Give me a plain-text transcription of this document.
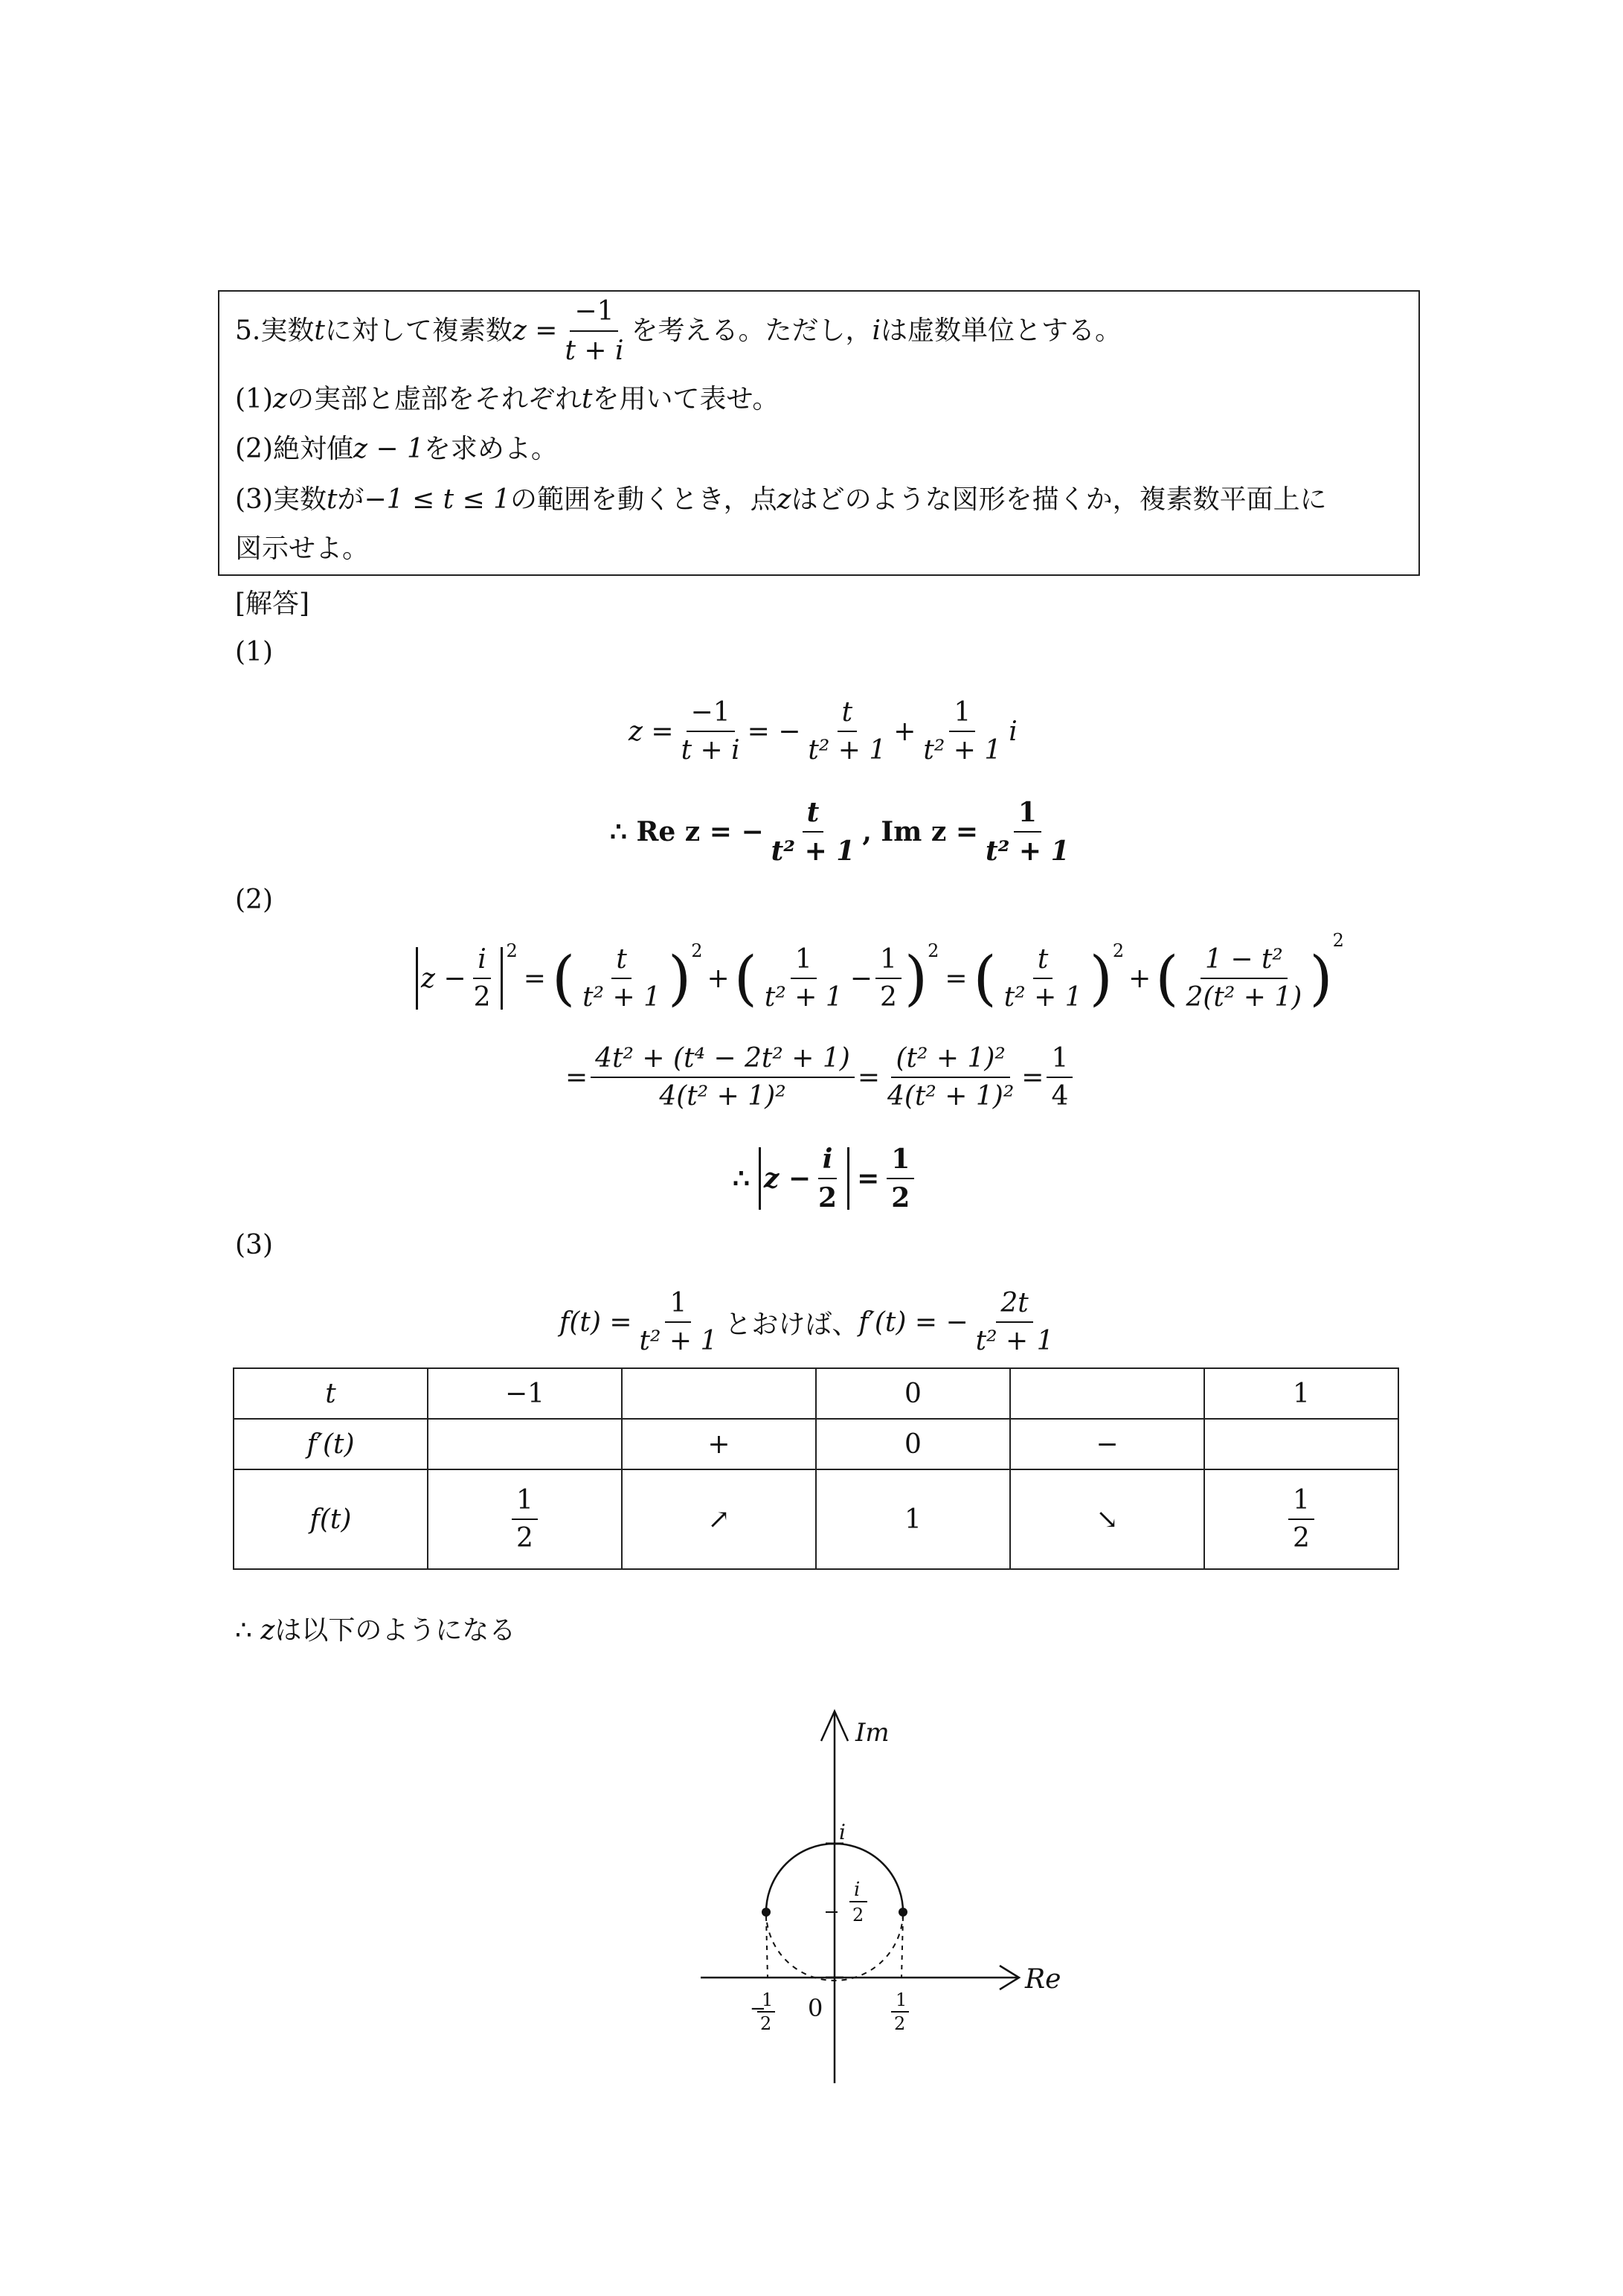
5. 実数 t に対して複素数 $z = \frac{-1}{t + i}$ を考える。ただし， i は虚数単位とする。
(1)zの実部と虚部をそれぞれtを用いて表せ。
(2)絶対値z − 1を求めよ。
(3)実数tが−1 ≤ t ≤ 1の範囲を動くとき，点zはどのような図形を描くか，複素数平面上に
図示せよ。
[解答]
(1)
$z = \frac{-1}{t + i}$ = − $\frac{t}{\text{t² + 1}} + \frac{1}{\text{t² + 1}}$ i
∴ Re z = − $\frac{t}{\text{t² + 1}}$ , Im $z = \frac{1}{\text{t² + 1}}$
(2)
$z - \frac{i}{2} ^2$
= ( $\frac{t}{\text{t² + 1}} )^2$
+ ( $\frac{1}{\text{t² + 1}} - \frac{1}{2} )^2$
= ( $\frac{t}{\text{t² + 1}} )^2$
+ ( $\frac{\text{1 − t²}}{\text{2(t² + 1)}}$ )
$^2$
= $\frac{\text{4t² + (t⁴ − 2t² + 1)}}{\text{4(t² + 1)²}} = \frac{\text{(t² + 1)²}}{\text{4(t² + 1)²}} = \frac{1}{4}$
∴ $z - \frac{i}{2} = \frac{1}{2}$
(3)
$f(t) = \frac{1}{\text{t² + 1}}$ とおけば、 f′(t) = − $\frac{2t}{\text{t² + 1}}$
t	−1		0		1
f′(t)		+	0	−	
f(t)	$\frac{1}{2}$	↗	1	↘	$\frac{1}{2}$
∴ zは以下のようになる
Im
Re
i
i
2
−
1
2
1
2
0
